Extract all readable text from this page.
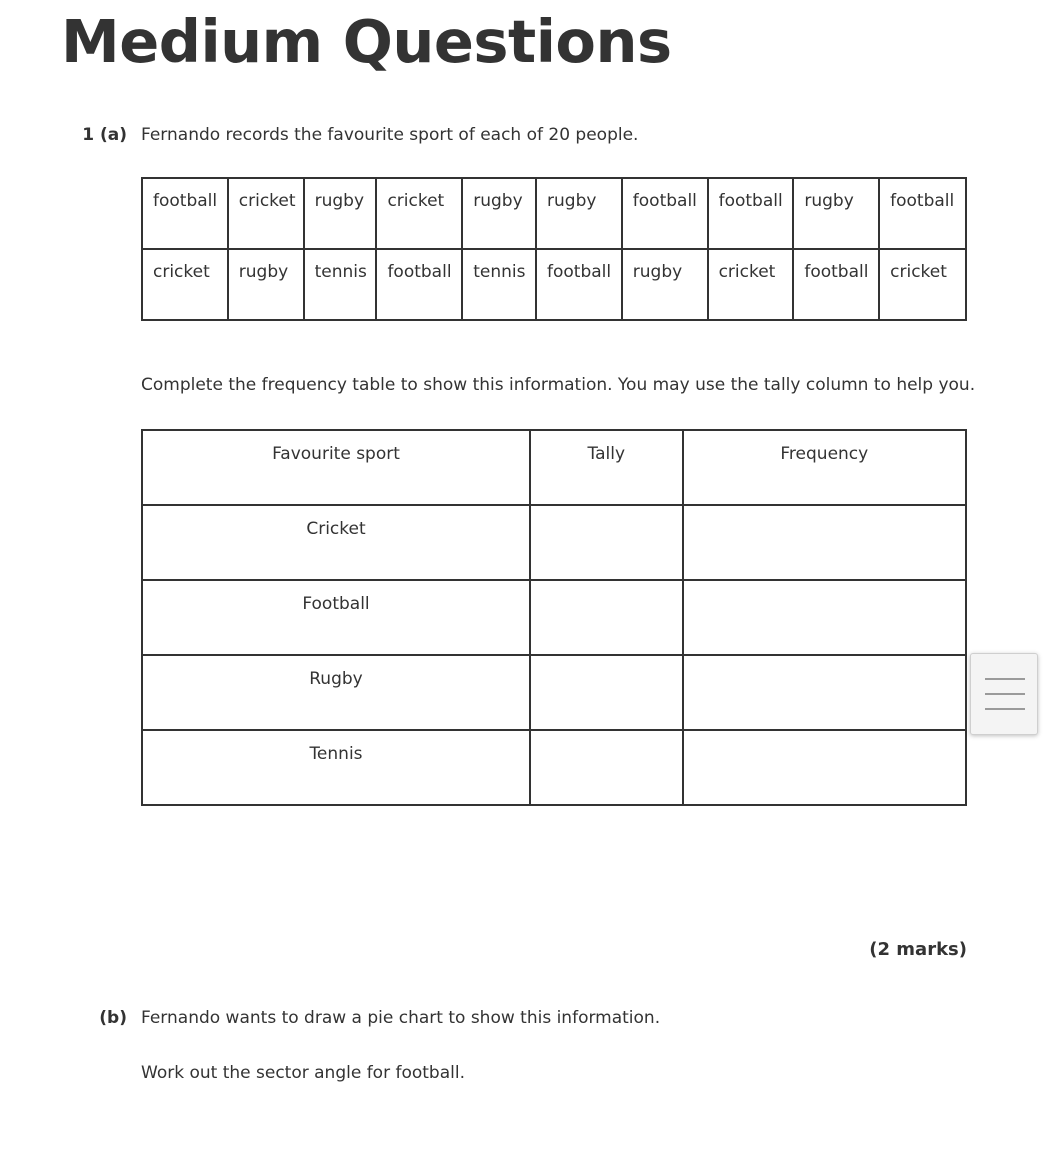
Medium Questions
1 (a) Fernando records the favourite sport of each of 20 people.
football	cricket	rugby	cricket	rugby	rugby	football	football	rugby	football
cricket	rugby	tennis	football	tennis	football	rugby	cricket	football	cricket
Complete the frequency table to show this information. You may use the tally column to help you.
Favourite sport	Tally	Frequency
Cricket		
Football		
Rugby		
Tennis		
(2 marks)
(b) Fernando wants to draw a pie chart to show this information.
Work out the sector angle for football.
